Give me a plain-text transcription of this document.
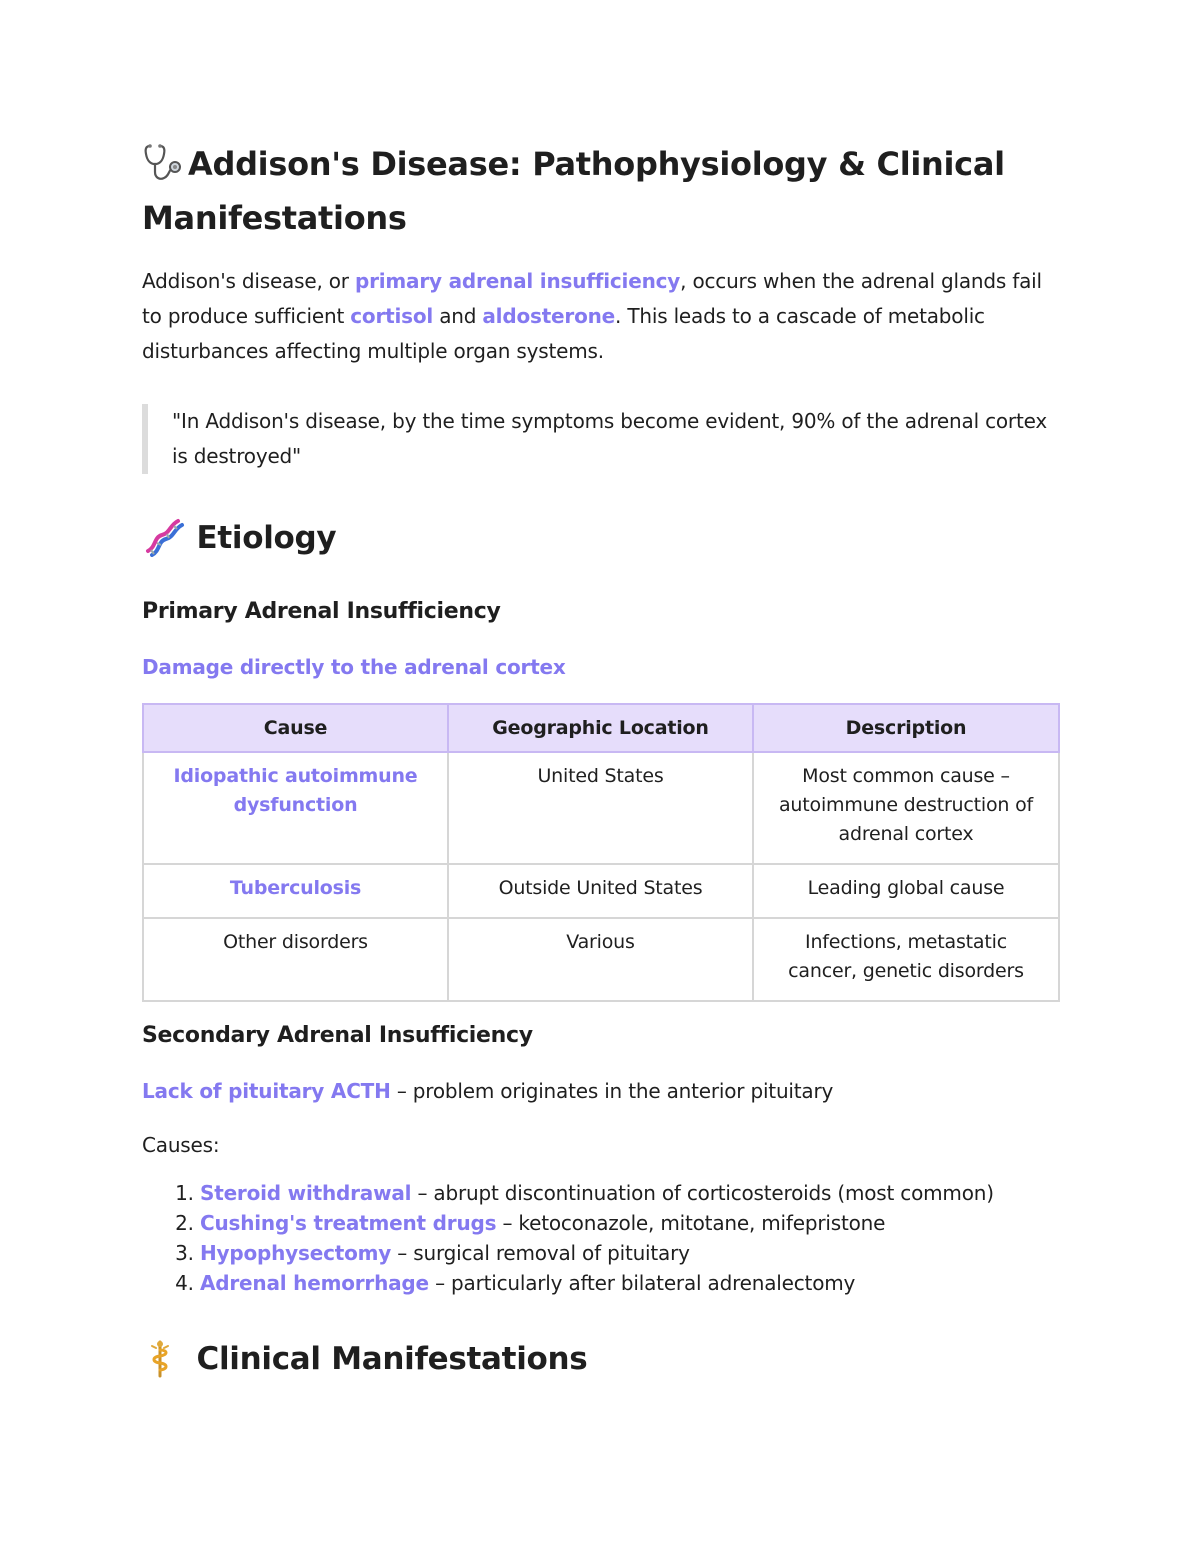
Addison's Disease: Pathophysiology & Clinical Manifestations

Addison's disease, or primary adrenal insufficiency, occurs when the adrenal glands fail to produce sufficient cortisol and aldosterone. This leads to a cascade of metabolic disturbances affecting multiple organ systems.

"In Addison's disease, by the time symptoms become evident, 90% of the adrenal cortex is destroyed"
Etiology
Primary Adrenal Insufficiency

Damage directly to the adrenal cortex

Cause	Geographic Location	Description
Idiopathic autoimmune dysfunction	United States	Most common cause – autoimmune destruction of adrenal cortex
Tuberculosis	Outside United States	Leading global cause
Other disorders	Various	Infections, metastatic cancer, genetic disorders
Secondary Adrenal Insufficiency

Lack of pituitary ACTH – problem originates in the anterior pituitary

Causes:

1. Steroid withdrawal – abrupt discontinuation of corticosteroids (most common)
2. Cushing's treatment drugs – ketoconazole, mitotane, mifepristone
3. Hypophysectomy – surgical removal of pituitary
4. Adrenal hemorrhage – particularly after bilateral adrenalectomy
Clinical Manifestations
